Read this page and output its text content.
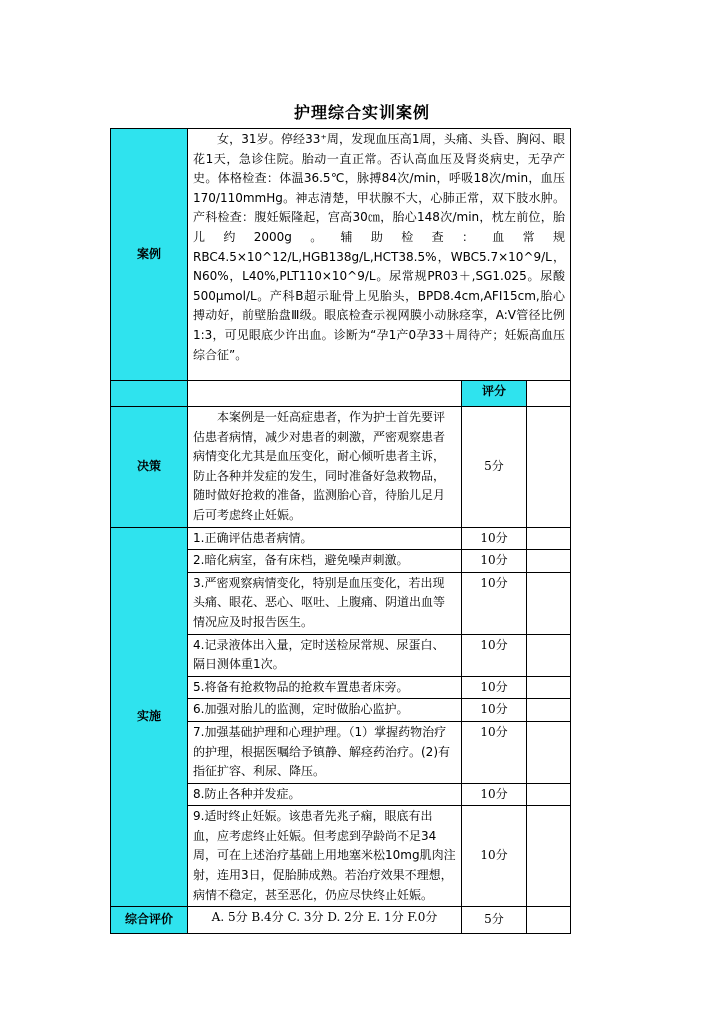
护理综合实训案例
案例	女，31岁。停经33⁺周，发现血压高1周，头痛、头昏、胸闷、眼花1天，急诊住院。胎动一直正常。否认高血压及肾炎病史，无孕产史。体格检查：体温36.5℃，脉搏84次/min，呼吸18次/min，血压170/110mmHg。神志清楚，甲状腺不大，心肺正常，双下肢水肿。产科检查：腹妊娠隆起，宫高30㎝，胎心148次/min，枕左前位，胎儿约2000g。辅助检查：血常规RBC4.5×10^12/L,HGB138g/L,HCT38.5%，WBC5.7×10^9/L，N60%，L40%,PLT110×10^9/L。尿常规PR03＋,SG1.025。尿酸500μmol/L。产科B超示耻骨上见胎头，BPD8.4cm,AFI15cm,胎心搏动好，前壁胎盘Ⅲ级。眼底检查示视网膜小动脉痉挛，A:V管径比例1:3，可见眼底少许出血。诊断为“孕1产0孕33＋周待产；妊娠高血压综合征”。		
		评分	
决策	本案例是一妊高症患者，作为护士首先要评估患者病情，减少对患者的刺激，严密观察患者病情变化尤其是血压变化，耐心倾听患者主诉，防止各种并发症的发生，同时准备好急救物品，随时做好抢救的准备，监测胎心音，待胎儿足月后可考虑终止妊娠。	5分	
实施	1.正确评估患者病情。	10分	
	2.暗化病室，备有床档，避免噪声刺激。	10分	
	3.严密观察病情变化，特别是血压变化，若出现头痛、眼花、恶心、呕吐、上腹痛、阴道出血等情况应及时报告医生。	10分	
	4.记录液体出入量，定时送检尿常规、尿蛋白、隔日测体重1次。	10分	
	5.将备有抢救物品的抢救车置患者床旁。	10分	
	6.加强对胎儿的监测，定时做胎心监护。	10分	
	7.加强基础护理和心理护理。（1）掌握药物治疗的护理，根据医嘱给予镇静、解痉药治疗。(2)有指征扩容、利尿、降压。	10分	
	8.防止各种并发症。	10分	
	9.适时终止妊娠。该患者先兆子痫，眼底有出血，应考虑终止妊娠。但考虑到孕龄尚不足34周，可在上述治疗基础上用地塞米松10mg肌肉注射，连用3日，促胎肺成熟。若治疗效果不理想，病情不稳定，甚至恶化，仍应尽快终止妊娠。	10分	
综合评价	A. 5分 B.4分 C. 3分 D. 2分 E. 1分 F.0分	5分	
